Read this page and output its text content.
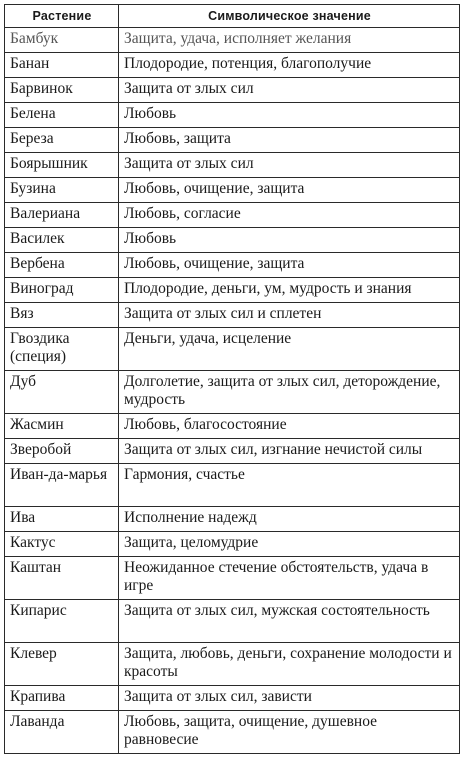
Растение	Символическое значение
Бамбук	Защита, удача, исполняет желания
Банан	Плодородие, потенция, благополучие
Барвинок	Защита от злых сил
Белена	Любовь
Береза	Любовь, защита
Боярышник	Защита от злых сил
Бузина	Любовь, очищение, защита
Валериана	Любовь, согласие
Василек	Любовь
Вербена	Любовь, очищение, защита
Виноград	Плодородие, деньги, ум, мудрость и знания
Вяз	Защита от злых сил и сплетен
Гвоздика (специя)	Деньги, удача, исцеление
Дуб	Долголетие, защита от злых сил, деторождение, мудрость
Жасмин	Любовь, благосостояние
Зверобой	Защита от злых сил, изгнание нечистой силы
Иван-да-марья	Гармония, счастье
Ива	Исполнение надежд
Кактус	Защита, целомудрие
Каштан	Неожиданное стечение обстоятельств, удача в игре
Кипарис	Защита от злых сил, мужская состоятельность
Клевер	Защита, любовь, деньги, сохранение молодости и красоты
Крапива	Защита от злых сил, зависти
Лаванда	Любовь, защита, очищение, душевное равновесие
